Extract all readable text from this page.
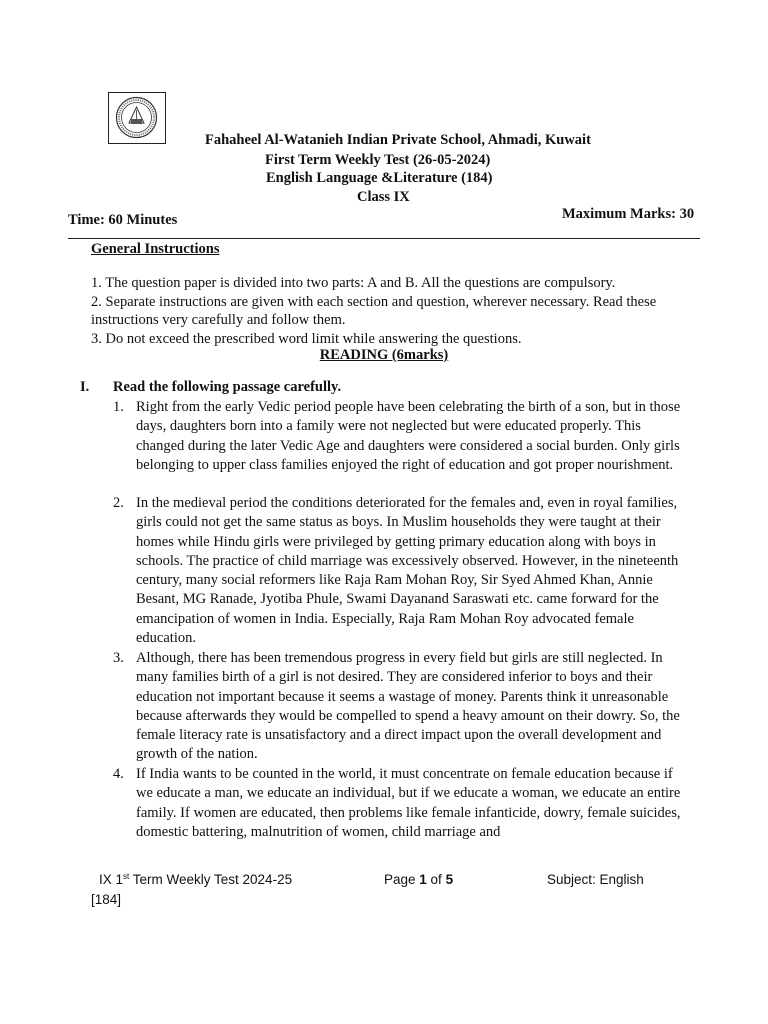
Fahaheel Al-Watanieh Indian Private School, Ahmadi, Kuwait
First Term Weekly Test (26-05-2024)
English Language &Literature (184)
Class IX
Time: 60 Minutes	Maximum Marks: 30
General Instructions
1. The question paper is divided into two parts: A and B. All the questions are compulsory.
2. Separate instructions are given with each section and question, wherever necessary. Read these instructions very carefully and follow them.
3. Do not exceed the prescribed word limit while answering the questions.
READING (6marks)
I. Read the following passage carefully.
1. Right from the early Vedic period people have been celebrating the birth of a son, but in those days, daughters born into a family were not neglected but were educated properly. This changed during the later Vedic Age and daughters were considered a social burden. Only girls belonging to upper class families enjoyed the right of education and got proper nourishment.
2. In the medieval period the conditions deteriorated for the females and, even in royal families, girls could not get the same status as boys. In Muslim households they were taught at their homes while Hindu girls were privileged by getting primary education along with boys in schools. The practice of child marriage was excessively observed. However, in the nineteenth century, many social reformers like Raja Ram Mohan Roy, Sir Syed Ahmed Khan, Annie Besant, MG Ranade, Jyotiba Phule, Swami Dayanand Saraswati etc. came forward for the emancipation of women in India. Especially, Raja Ram Mohan Roy advocated female education.
3. Although, there has been tremendous progress in every field but girls are still neglected. In many families birth of a girl is not desired. They are considered inferior to boys and their education not important because it seems a wastage of money. Parents think it unreasonable because afterwards they would be compelled to spend a heavy amount on their dowry. So, the female literacy rate is unsatisfactory and a direct impact upon the overall development and growth of the nation.
4. If India wants to be counted in the world, it must concentrate on female education because if we educate a man, we educate an individual, but if we educate a woman, we educate an entire family. If women are educated, then problems like female infanticide, dowry, female suicides, domestic battering, malnutrition of women, child marriage and
IX 1st Term Weekly Test 2024-25	Page 1 of 5	Subject: English
[184]
